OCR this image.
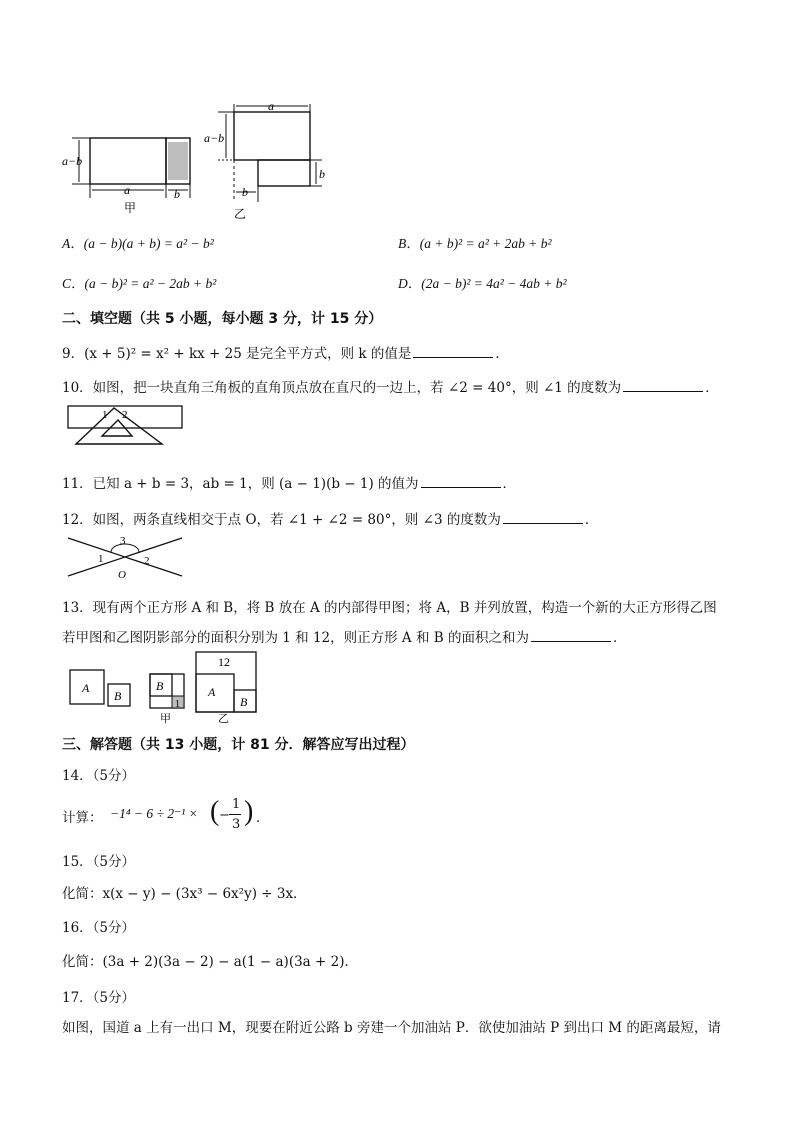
a−b
a	b
甲
a
a−b
b
b
乙
A．(a − b)(a + b) = a² − b²	B．(a + b)² = a² + 2ab + b²
C．(a − b)² = a² − 2ab + b²	D．(2a − b)² = 4a² − 4ab + b²
二、填空题（共 5 小题，每小题 3 分，计 15 分）
9．(x + 5)² = x² + kx + 25 是完全平方式，则 k 的值是	．
10．如图，把一块直角三角板的直角顶点放在直尺的一边上，若 ∠2 = 40°，则 ∠1 的度数为	．
1 2
11．已知 a + b = 3，ab = 1，则 (a − 1)(b − 1) 的值为	．
12．如图，两条直线相交于点 O，若 ∠1 + ∠2 = 80°，则 ∠3 的度数为	．
1
3
2
O
13．现有两个正方形 A 和 B，将 B 放在 A 的内部得甲图；将 A，B 并列放置，构造一个新的大正方形得乙图
若甲图和乙图阴影部分的面积分别为 1 和 12，则正方形 A 和 B 的面积之和为	．
A
B
B
1
A
B
12
甲	乙
三、解答题（共 13 小题，计 81 分．解答应写出过程）
14．（5分）
计算： −1⁴ − 6 ÷ 2⁻¹ × ( −
1
3 ) ．
15．（5分）
化简：x(x − y) − (3x³ − 6x²y) ÷ 3x．
16．（5分）
化简：(3a + 2)(3a − 2) − a(1 − a)(3a + 2)．
17．（5分）
如图，国道 a 上有一出口 M，现要在附近公路 b 旁建一个加油站 P．欲使加油站 P 到出口 M 的距离最短，请
